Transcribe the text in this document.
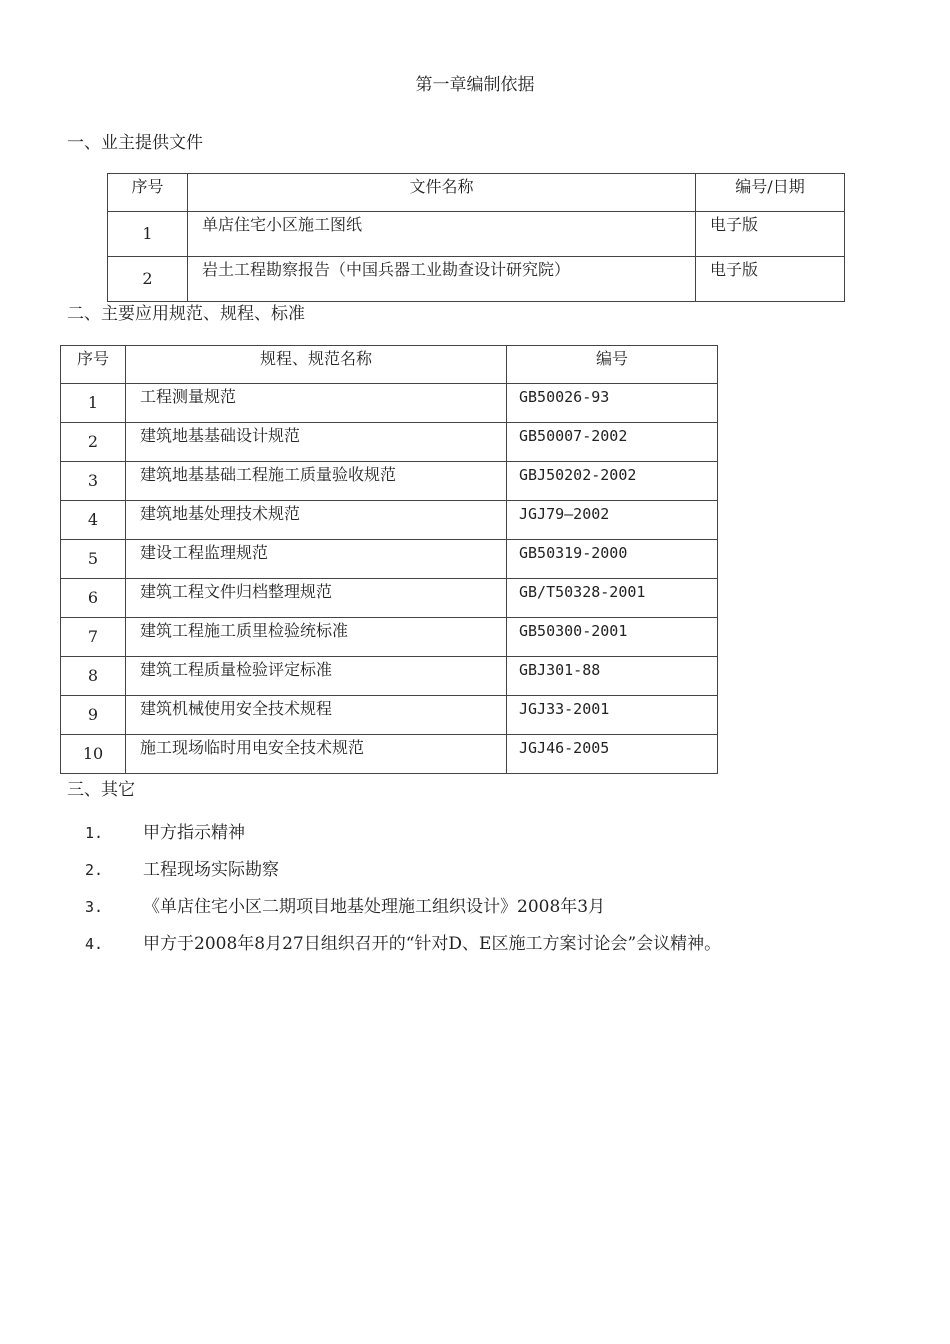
第一章编制依据
一、业主提供文件
序号	文件名称	编号/日期
1	单店住宅小区施工图纸	电子版
2	岩土工程勘察报告（中国兵器工业勘查设计研究院）	电子版
二、主要应用规范、规程、标准
序号	规程、规范名称	编号
1	工程测量规范	GB50026-93
2	建筑地基基础设计规范	GB50007-2002
3	建筑地基基础工程施工质量验收规范	GBJ50202-2002
4	建筑地基处理技术规范	JGJ79—2002
5	建设工程监理规范	GB50319-2000
6	建筑工程文件归档整理规范	GB/T50328-2001
7	建筑工程施工质里检验统标准	GB50300-2001
8	建筑工程质量检验评定标准	GBJ301-88
9	建筑机械使用安全技术规程	JGJ33-2001
10	施工现场临时用电安全技术规范	JGJ46-2005
三、其它
1. 甲方指示精神
2. 工程现场实际勘察
3. 《单店住宅小区二期项目地基处理施工组织设计》2008年3月
4. 甲方于2008年8月27日组织召开的“针对D、E区施工方案讨论会”会议精神。
